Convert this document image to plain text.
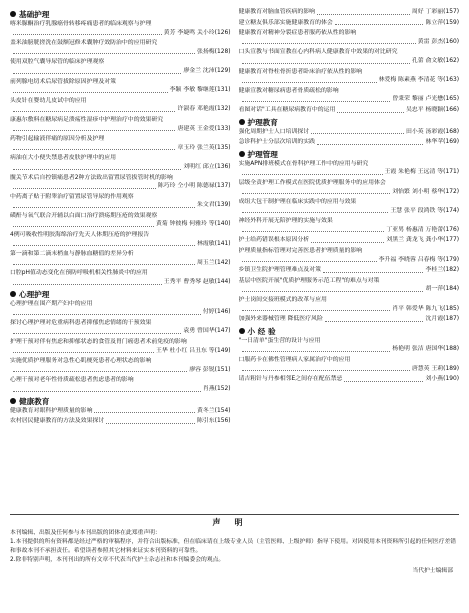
基础护理
喀米脲酮治疗乳腺癌骨转移疼痛患者的临床观察与护理
黄芳 李婕鸣 关小玲(126)
盖米油膀胱搓洗在鼓额冠修术囊肿疗效防治中的应用研究
张扬梅(128)
使用双腔气囊导尿管的临床护理观察
廖金兰 沈沛(129)
前列腺电切术后尿管拔除原因护理及对策
李颖 李敏 黎继莲(131)
头皮针在婴幼儿皮试中的应用
许淑春 邓艳霞(132)
康惠尔敷料在糖尿病足溃疡性湿疹中护理治疗中的效果研究
唐建英 王金爱(133)
药物引起输液伴痛的原因分析及护理
章玉玲 张兰英(135)
病油在大小便失禁患者皮肤护理中的应用
刘明红 邱立(136)
髋关节术后自控镇痛患者2种方法致出留置尿管拔管时机的影响
陈巧玲 仝小明 陈德禄(137)
中药离子贴于附睾治疗留置尿管导尿的作用观察
朱文君(139)
磺酐与氧气联合开辅以白面口治疗溃疡期压疮的效果观察
黄菊 钟彼梅 何雅玲 等(140)
4例可吸收性明胶海绵治疗先天人体期压疮的护理报告
林霞敏(141)
第一滴和第二滴末梢血与静脉血糖值的差异分析
周玉兰(142)
口腔pH值动态变化在预防呼吸机相关性肺炎中的应用
王秀平 曹秀琴 赵敏(144)
心理护理
心理护理在围产期产妇中的应用
付婷(146)
探讨心理护理对危重病科患者抑郁焦虑情绪的干预效果
袁勇 曾国华(147)
护理干预对伴有焦虑和抑郁状态的食管及胃门癌患者术前免疫的影响
王华 杜小红 吕丑东 等(149)
实施优质护理服务对急性心肌梗死患者心理状态的影响
廖容 彭锐(151)
心理干预对老年性骨质疏松患者焦虑患者的影响
肖燕(152)
健康教育
健康教育对眼科护理质量的影响	黄冬兰(154)
农村居民健康教育的方法及效果探讨	陈引东(156)
健康教育对脑血管疾病的影响	周好 丁彩丽(157)
建立糖友俱乐部实施健康教育的体会	陈立萍(159)
健康教育对精神分裂症患者服药依从性的影响
黄雷 彭杰(160)
口头宣教与书面宣教在心内科病人健康教育中效果的对比研究
孔蕾 俞文敏(162)
健康教育对脊柱骨折患者卧床治疗依从性的影响
林爱梅 陈素燕 李清花 等(163)
健康宣教对糖尿病患者骨质疏松的影响
曾秉荣 黎丽 卢光懋(165)
看图对话"工具在糖尿病教育中的运用	吴忠平 杨晓颖(166)
护理教育
强化周期护士人口培训探讨	田小英 汤彩霞(168)
急诊科护士分层次培训的实践	林华苹(169)
护理管理
实施APN排班模式在骨科护理工作中的应用与研究
王霞 朱艳梅 王远清 等(171)
层级全责护理工作模式在医院优质护理服务中的应用体会
刘怡繁 刘小明 蔡华(172)
成组大包干制护理在临床实践中的应用与效果
王慧 张平 段鸿铁 等(174)
神经外科开展无陪护理的实施与效果
丁亚男 杨惠清 万艳蕾(176)
护士给药错误根本原因分析	刘黑兰 龚龙飞 龚小华(177)
护理质量指标管理对完善医患者护理质量的影响
李升福 李晓蓉 吕春梅 等(179)
乡镇卫生院护理管理难点及对策	李桂兰(182)
基层中医院开展"优质护理服务示范工程"的难点与对策
胡一萍(184)
护士岗间交接班模式的改革与应用
肖平 韩爱华 陈九飞(185)
加强外来器械管理 降低医疗风险	沈月霞(187)
小 经 验
"一日清单"蛋生营的设计与应用
杨艳明 张洁 唐国华(188)
口服药卡在佛性管理病人家属治疗中的应用
唐慧英 王莉(189)
请吉粗针与丹参相邻E之间存在配伍禁忌	刘小燕(190)
声明

本刊编辑、出版及任何参与本刊出版的团体在此郑重声明：

1.本刊提供的所有资料都是经过严格的审稿程序，并符合出版标准，但在临床请在上级专业人员（主管医师、上级护师）指导下使用。对因使用本刊资料所引起的任何医疗差错和事故本刊不承担责任。希望读者参照其它材料来证实本刊资料的可靠性。

2.除非特别声明，本刊刊出的所有文章不代表当代护士杂志社和本刊编委会的观点。

当代护士编辑部
